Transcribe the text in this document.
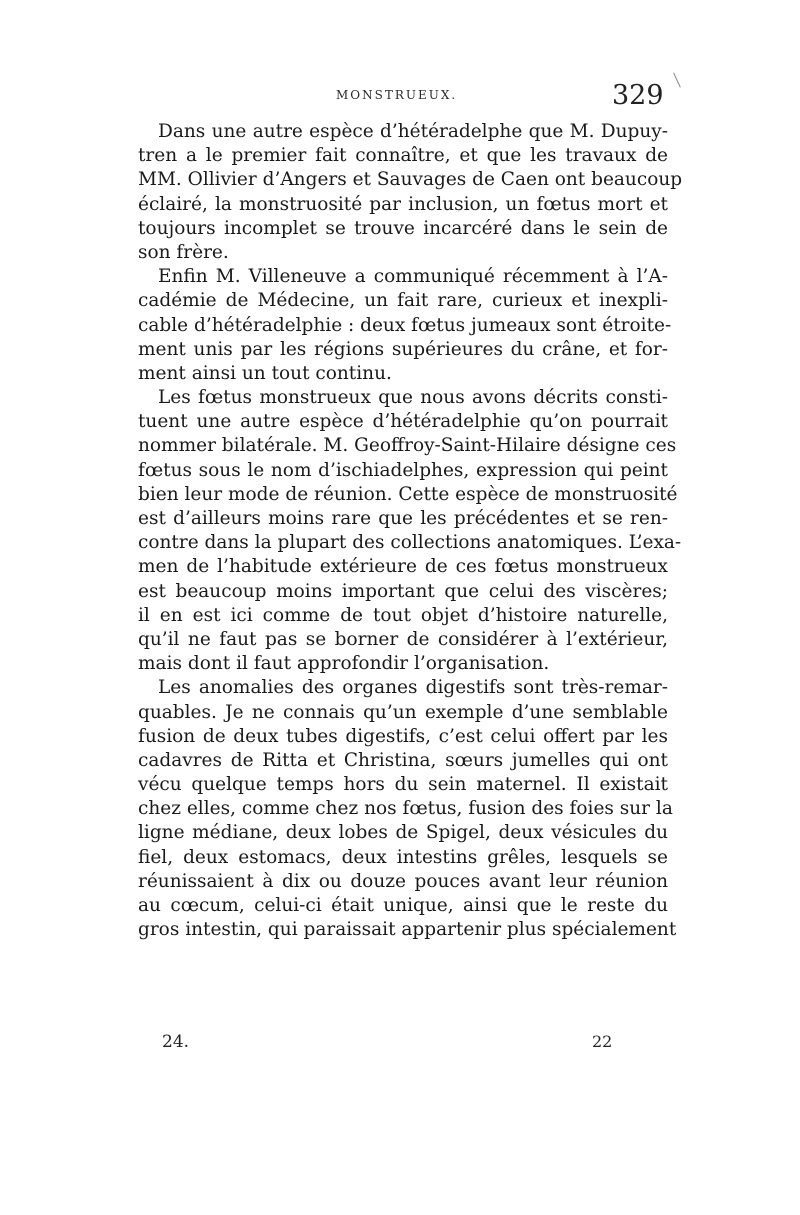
MONSTRUEUX.	329
Dans une autre espèce d’hétéradelphe que M. Dupuy-
tren a le premier fait connaître, et que les travaux de
MM. Ollivier d’Angers et Sauvages de Caen ont beaucoup
éclairé, la monstruosité par inclusion, un fœtus mort et
toujours incomplet se trouve incarcéré dans le sein de
son frère.
Enfin M. Villeneuve a communiqué récemment à l’A-
cadémie de Médecine, un fait rare, curieux et inexpli-
cable d’hétéradelphie : deux fœtus jumeaux sont étroite-
ment unis par les régions supérieures du crâne, et for-
ment ainsi un tout continu.
Les fœtus monstrueux que nous avons décrits consti-
tuent une autre espèce d’hétéradelphie qu’on pourrait
nommer bilatérale. M. Geoffroy-Saint-Hilaire désigne ces
fœtus sous le nom d’ischiadelphes, expression qui peint
bien leur mode de réunion. Cette espèce de monstruosité
est d’ailleurs moins rare que les précédentes et se ren-
contre dans la plupart des collections anatomiques. L’exa-
men de l’habitude extérieure de ces fœtus monstrueux
est beaucoup moins important que celui des viscères;
il en est ici comme de tout objet d’histoire naturelle,
qu’il ne faut pas se borner de considérer à l’extérieur,
mais dont il faut approfondir l’organisation.
Les anomalies des organes digestifs sont très-remar-
quables. Je ne connais qu’un exemple d’une semblable
fusion de deux tubes digestifs, c’est celui offert par les
cadavres de Ritta et Christina, sœurs jumelles qui ont
vécu quelque temps hors du sein maternel. Il existait
chez elles, comme chez nos fœtus, fusion des foies sur la
ligne médiane, deux lobes de Spigel, deux vésicules du
fiel, deux estomacs, deux intestins grêles, lesquels se
réunissaient à dix ou douze pouces avant leur réunion
au cœcum, celui-ci était unique, ainsi que le reste du
gros intestin, qui paraissait appartenir plus spécialement
24.	22
